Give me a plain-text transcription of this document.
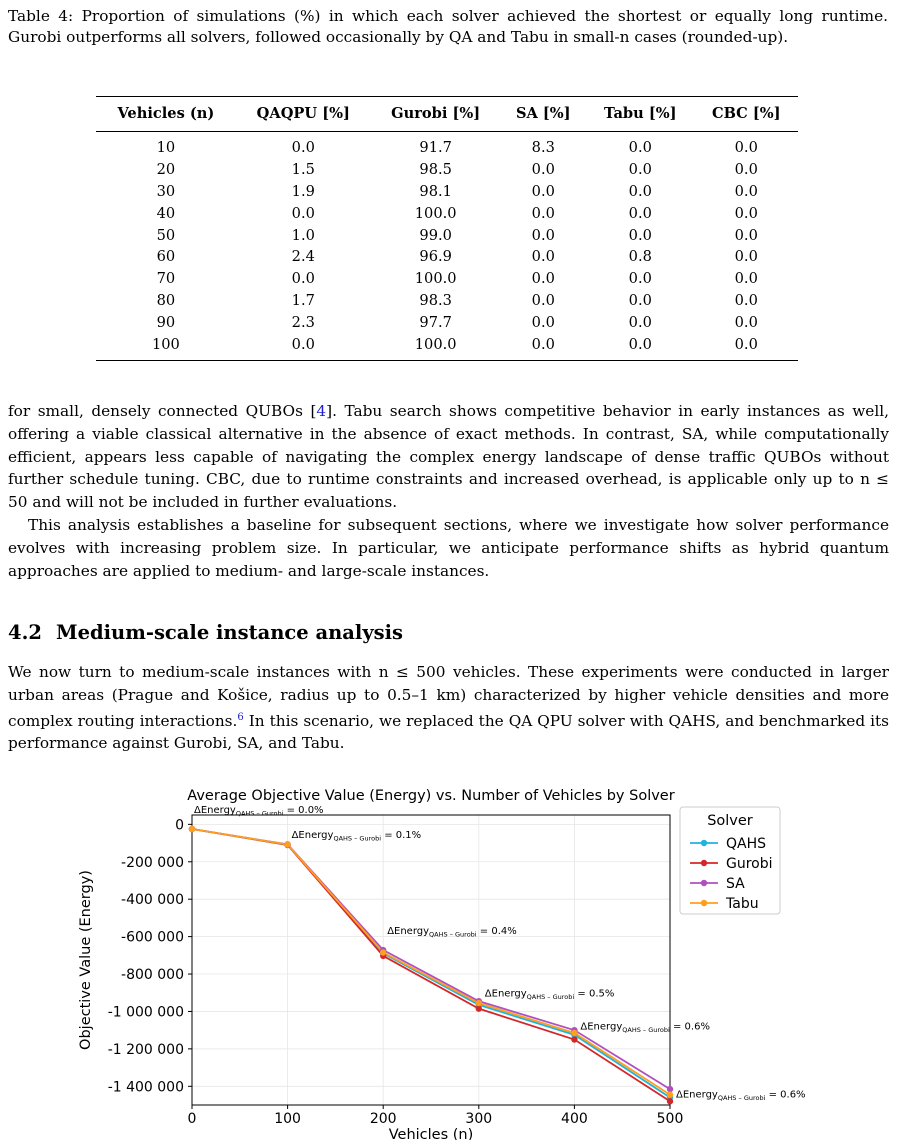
Table 4: Proportion of simulations (%) in which each solver achieved the shortest or equally long runtime. Gurobi outperforms all solvers, followed occasionally by QA and Tabu in small-n cases (rounded-up).
Vehicles (n)	QAQPU [%]	Gurobi [%]	SA [%]	Tabu [%]	CBC [%]
10	0.0	91.7	8.3	0.0	0.0
20	1.5	98.5	0.0	0.0	0.0
30	1.9	98.1	0.0	0.0	0.0
40	0.0	100.0	0.0	0.0	0.0
50	1.0	99.0	0.0	0.0	0.0
60	2.4	96.9	0.0	0.8	0.0
70	0.0	100.0	0.0	0.0	0.0
80	1.7	98.3	0.0	0.0	0.0
90	2.3	97.7	0.0	0.0	0.0
100	0.0	100.0	0.0	0.0	0.0

for small, densely connected QUBOs [4]. Tabu search shows competitive behavior in early instances as well, offering a viable classical alternative in the absence of exact methods. In contrast, SA, while computationally efficient, appears less capable of navigating the complex energy landscape of dense traffic QUBOs without further schedule tuning. CBC, due to runtime constraints and increased overhead, is applicable only up to n ≤ 50 and will not be included in further evaluations.

This analysis establishes a baseline for subsequent sections, where we investigate how solver performance evolves with increasing problem size. In particular, we anticipate performance shifts as hybrid quantum approaches are applied to medium- and large-scale instances.

4.2 Medium-scale instance analysis

We now turn to medium-scale instances with n ≤ 500 vehicles. These experiments were conducted in larger urban areas (Prague and Košice, radius up to 0.5–1 km) characterized by higher vehicle densities and more complex routing interactions.$^6$ In this scenario, we replaced the QA QPU solver with QAHS, and benchmarked its performance against Gurobi, SA, and Tabu.

Average Objective Value (Energy) vs. Number of Vehicles by Solver
0	100	200	300	400	500
0
-200 000
-400 000
-600 000
-800 000
-1 000 000
-1 200 000
-1 400 000
Vehicles (n)
Objective Value (Energy)
ΔEnergy$_{QAHS - Gurobi}$ = 0.0%
ΔEnergy$_{QAHS - Gurobi}$ = 0.1%
ΔEnergy$_{QAHS - Gurobi}$ = 0.4%
ΔEnergy$_{QAHS - Gurobi}$ = 0.5%
ΔEnergy$_{QAHS - Gurobi}$ = 0.6%
ΔEnergy$_{QAHS - Gurobi}$ = 0.6%
Solver
QAHS
Gurobi
SA
Tabu
